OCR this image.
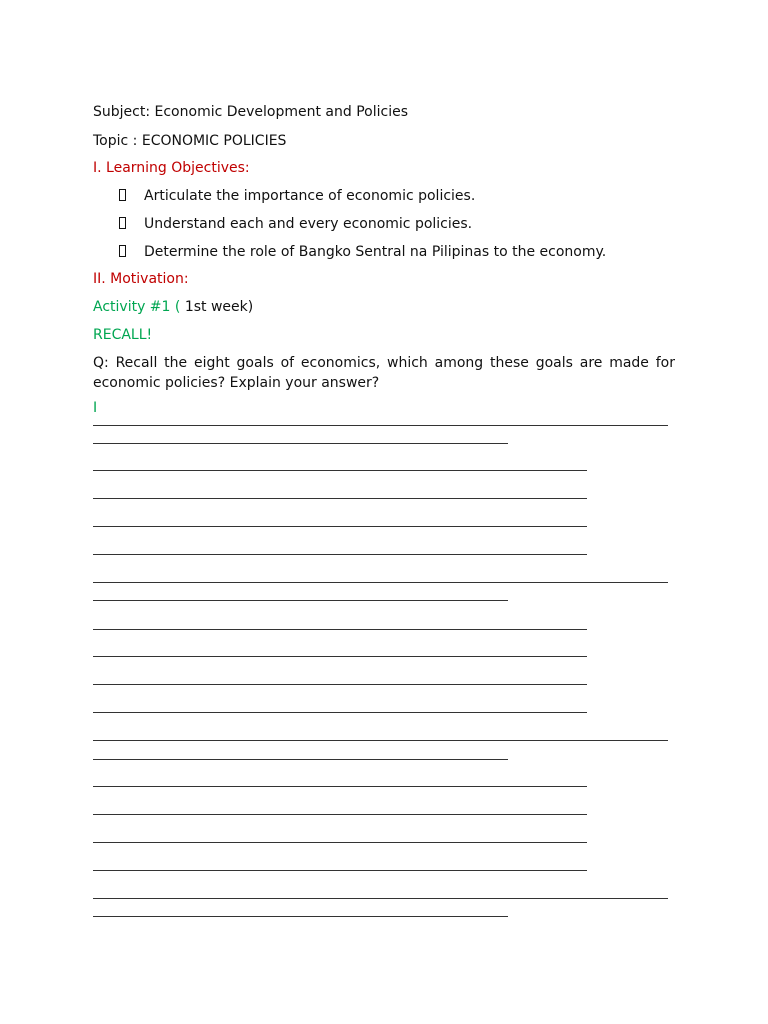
Subject: Economic Development and Policies
Topic : ECONOMIC POLICIES
I. Learning Objectives:
Articulate the importance of economic policies.
Understand each and every economic policies.
Determine the role of Bangko Sentral na Pilipinas to the economy.
II. Motivation:
Activity #1 ( 1st week)
RECALL!
Q: Recall the eight goals of economics, which among these goals are made for economic policies? Explain your answer?
I
